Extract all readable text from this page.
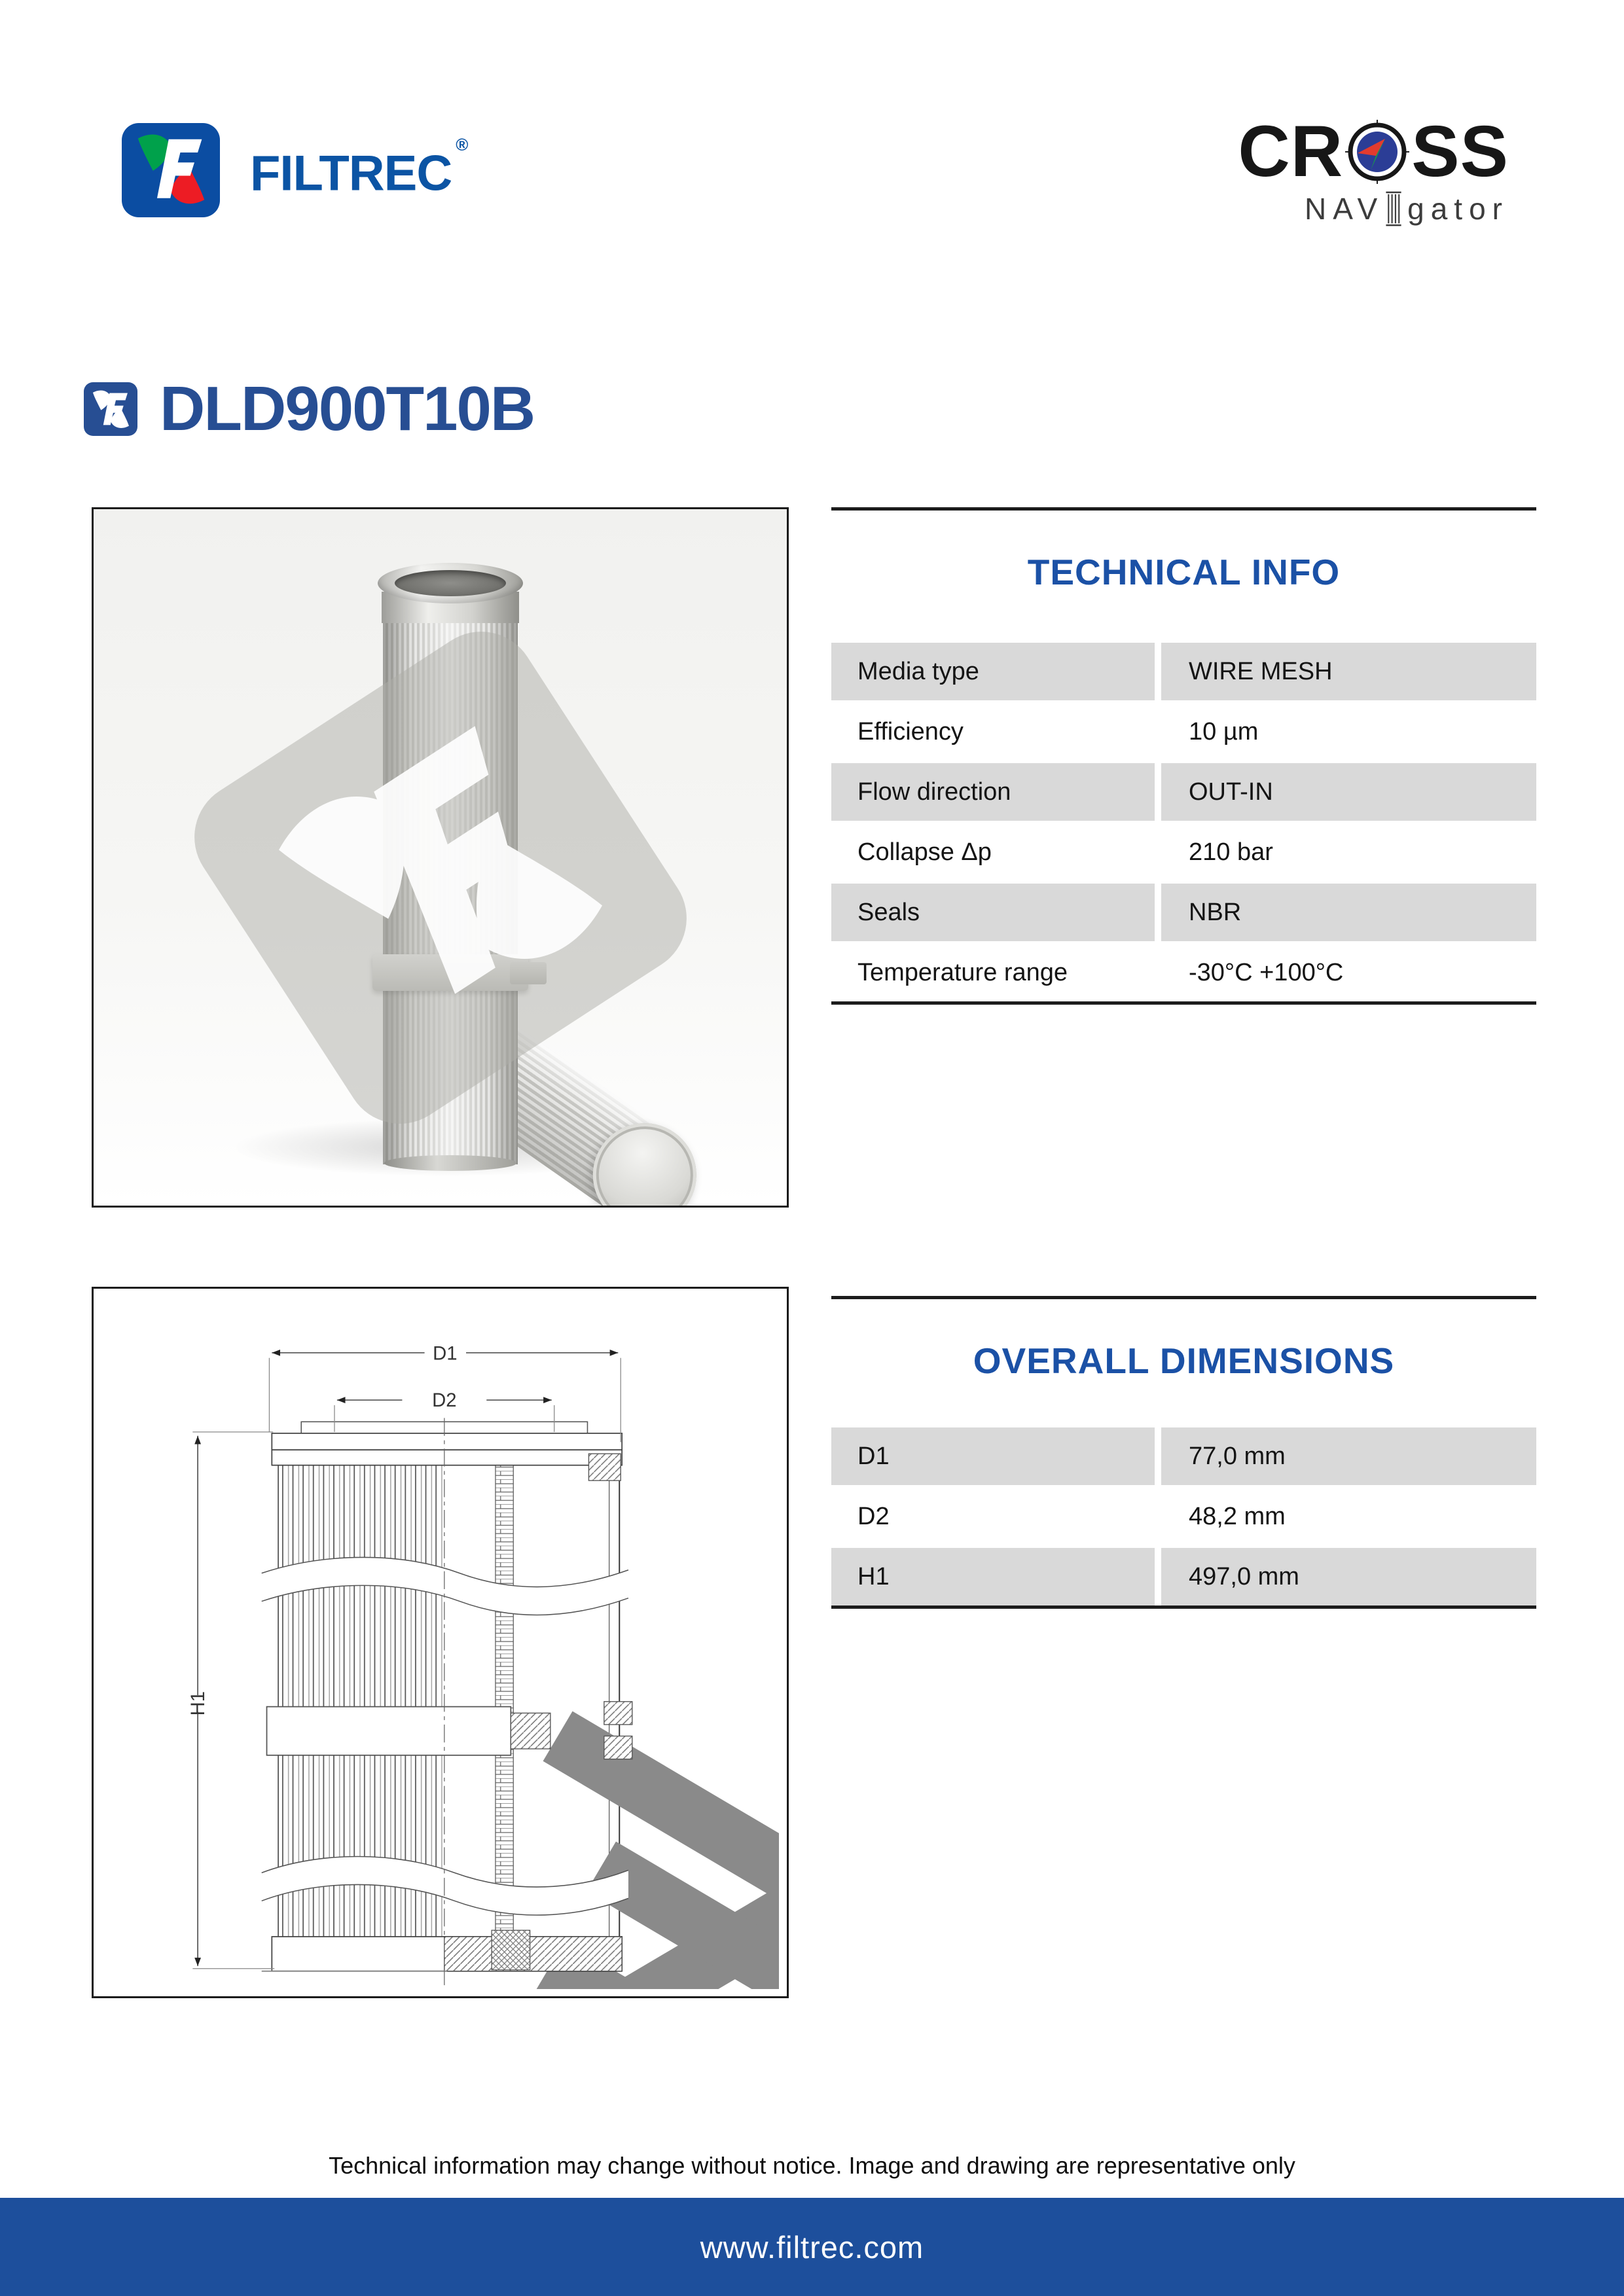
FILTREC®	CR SS
NAV gator
DLD900T10B
TECHNICAL INFO
Media type	WIRE MESH
Efficiency	10 µm
Flow direction	OUT-IN
Collapse Δp	210 bar
Seals	NBR
Temperature range	-30°C +100°C
D1
D2
H1
OVERALL DIMENSIONS
D1	77,0 mm
D2	48,2 mm
H1	497,0 mm
Technical information may change without notice. Image and drawing are representative only
www.filtrec.com
